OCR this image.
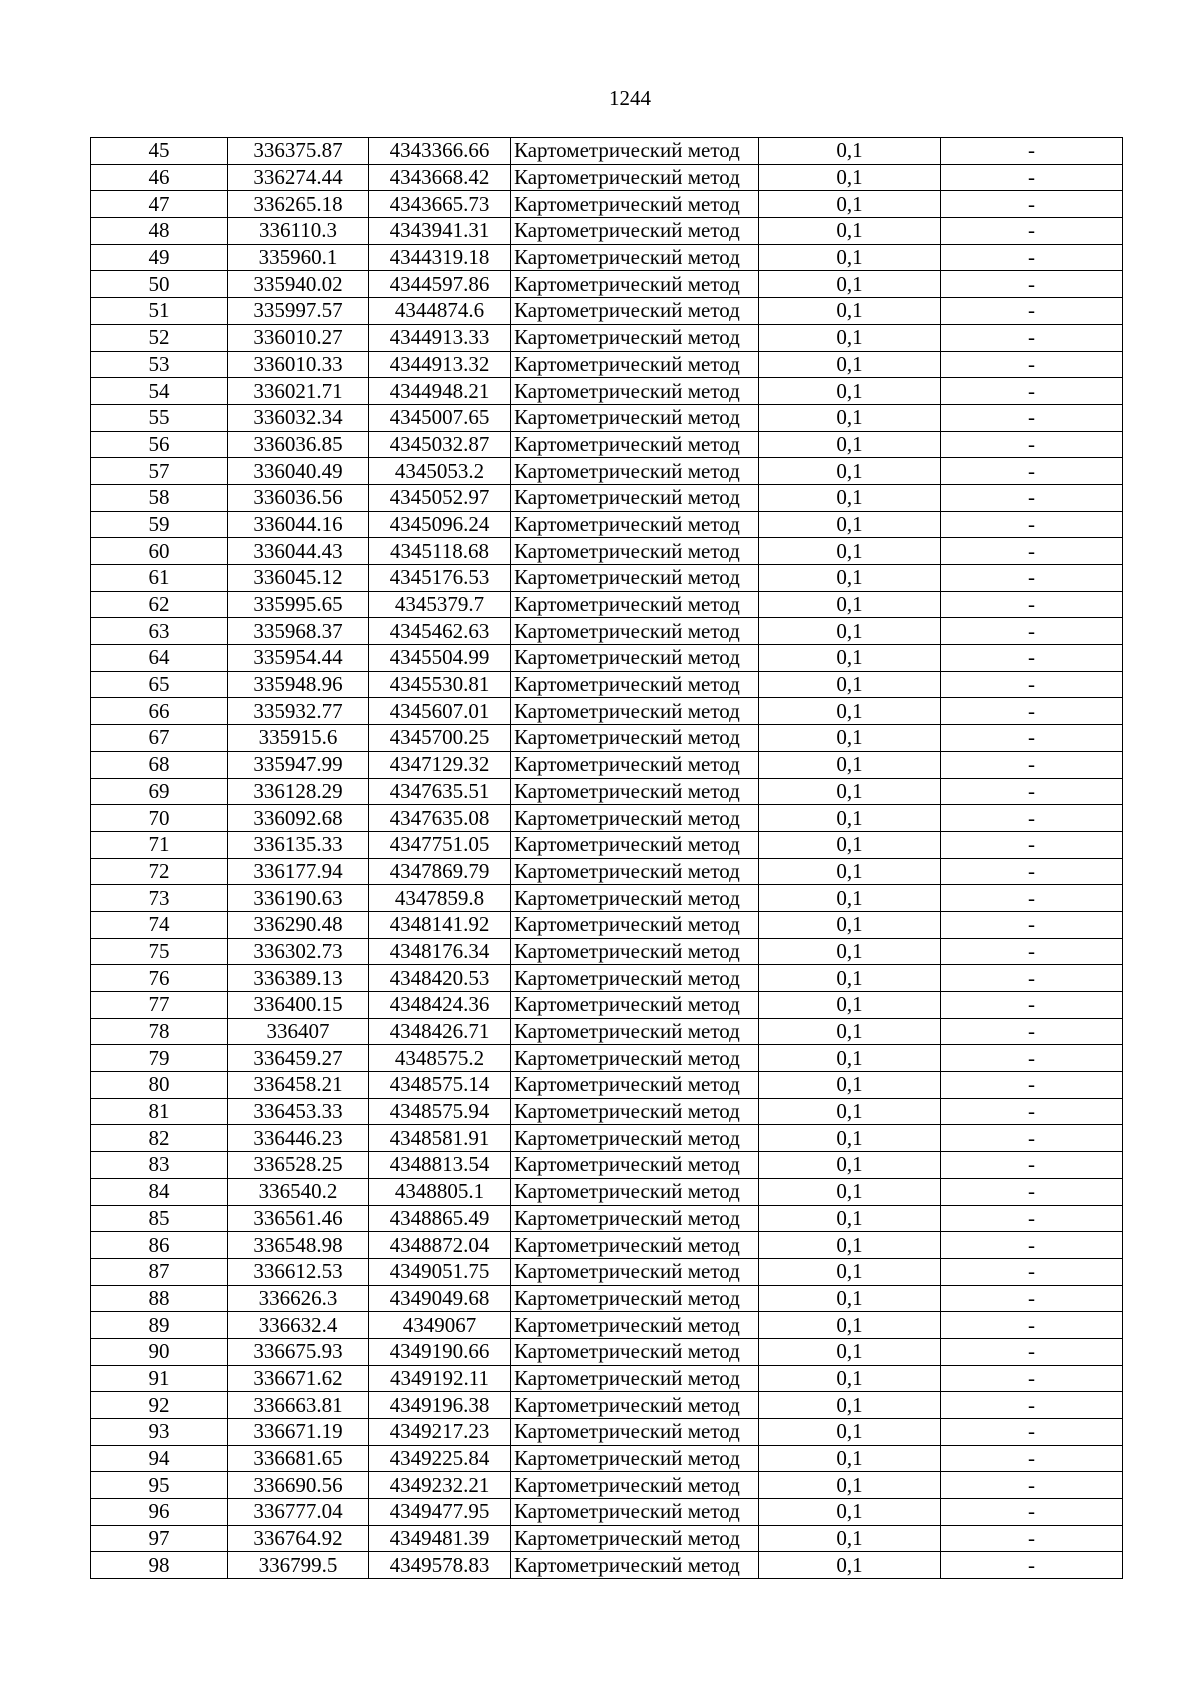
1244
45	336375.87	4343366.66	Картометрический метод	0,1	-
46	336274.44	4343668.42	Картометрический метод	0,1	-
47	336265.18	4343665.73	Картометрический метод	0,1	-
48	336110.3	4343941.31	Картометрический метод	0,1	-
49	335960.1	4344319.18	Картометрический метод	0,1	-
50	335940.02	4344597.86	Картометрический метод	0,1	-
51	335997.57	4344874.6	Картометрический метод	0,1	-
52	336010.27	4344913.33	Картометрический метод	0,1	-
53	336010.33	4344913.32	Картометрический метод	0,1	-
54	336021.71	4344948.21	Картометрический метод	0,1	-
55	336032.34	4345007.65	Картометрический метод	0,1	-
56	336036.85	4345032.87	Картометрический метод	0,1	-
57	336040.49	4345053.2	Картометрический метод	0,1	-
58	336036.56	4345052.97	Картометрический метод	0,1	-
59	336044.16	4345096.24	Картометрический метод	0,1	-
60	336044.43	4345118.68	Картометрический метод	0,1	-
61	336045.12	4345176.53	Картометрический метод	0,1	-
62	335995.65	4345379.7	Картометрический метод	0,1	-
63	335968.37	4345462.63	Картометрический метод	0,1	-
64	335954.44	4345504.99	Картометрический метод	0,1	-
65	335948.96	4345530.81	Картометрический метод	0,1	-
66	335932.77	4345607.01	Картометрический метод	0,1	-
67	335915.6	4345700.25	Картометрический метод	0,1	-
68	335947.99	4347129.32	Картометрический метод	0,1	-
69	336128.29	4347635.51	Картометрический метод	0,1	-
70	336092.68	4347635.08	Картометрический метод	0,1	-
71	336135.33	4347751.05	Картометрический метод	0,1	-
72	336177.94	4347869.79	Картометрический метод	0,1	-
73	336190.63	4347859.8	Картометрический метод	0,1	-
74	336290.48	4348141.92	Картометрический метод	0,1	-
75	336302.73	4348176.34	Картометрический метод	0,1	-
76	336389.13	4348420.53	Картометрический метод	0,1	-
77	336400.15	4348424.36	Картометрический метод	0,1	-
78	336407	4348426.71	Картометрический метод	0,1	-
79	336459.27	4348575.2	Картометрический метод	0,1	-
80	336458.21	4348575.14	Картометрический метод	0,1	-
81	336453.33	4348575.94	Картометрический метод	0,1	-
82	336446.23	4348581.91	Картометрический метод	0,1	-
83	336528.25	4348813.54	Картометрический метод	0,1	-
84	336540.2	4348805.1	Картометрический метод	0,1	-
85	336561.46	4348865.49	Картометрический метод	0,1	-
86	336548.98	4348872.04	Картометрический метод	0,1	-
87	336612.53	4349051.75	Картометрический метод	0,1	-
88	336626.3	4349049.68	Картометрический метод	0,1	-
89	336632.4	4349067	Картометрический метод	0,1	-
90	336675.93	4349190.66	Картометрический метод	0,1	-
91	336671.62	4349192.11	Картометрический метод	0,1	-
92	336663.81	4349196.38	Картометрический метод	0,1	-
93	336671.19	4349217.23	Картометрический метод	0,1	-
94	336681.65	4349225.84	Картометрический метод	0,1	-
95	336690.56	4349232.21	Картометрический метод	0,1	-
96	336777.04	4349477.95	Картометрический метод	0,1	-
97	336764.92	4349481.39	Картометрический метод	0,1	-
98	336799.5	4349578.83	Картометрический метод	0,1	-
